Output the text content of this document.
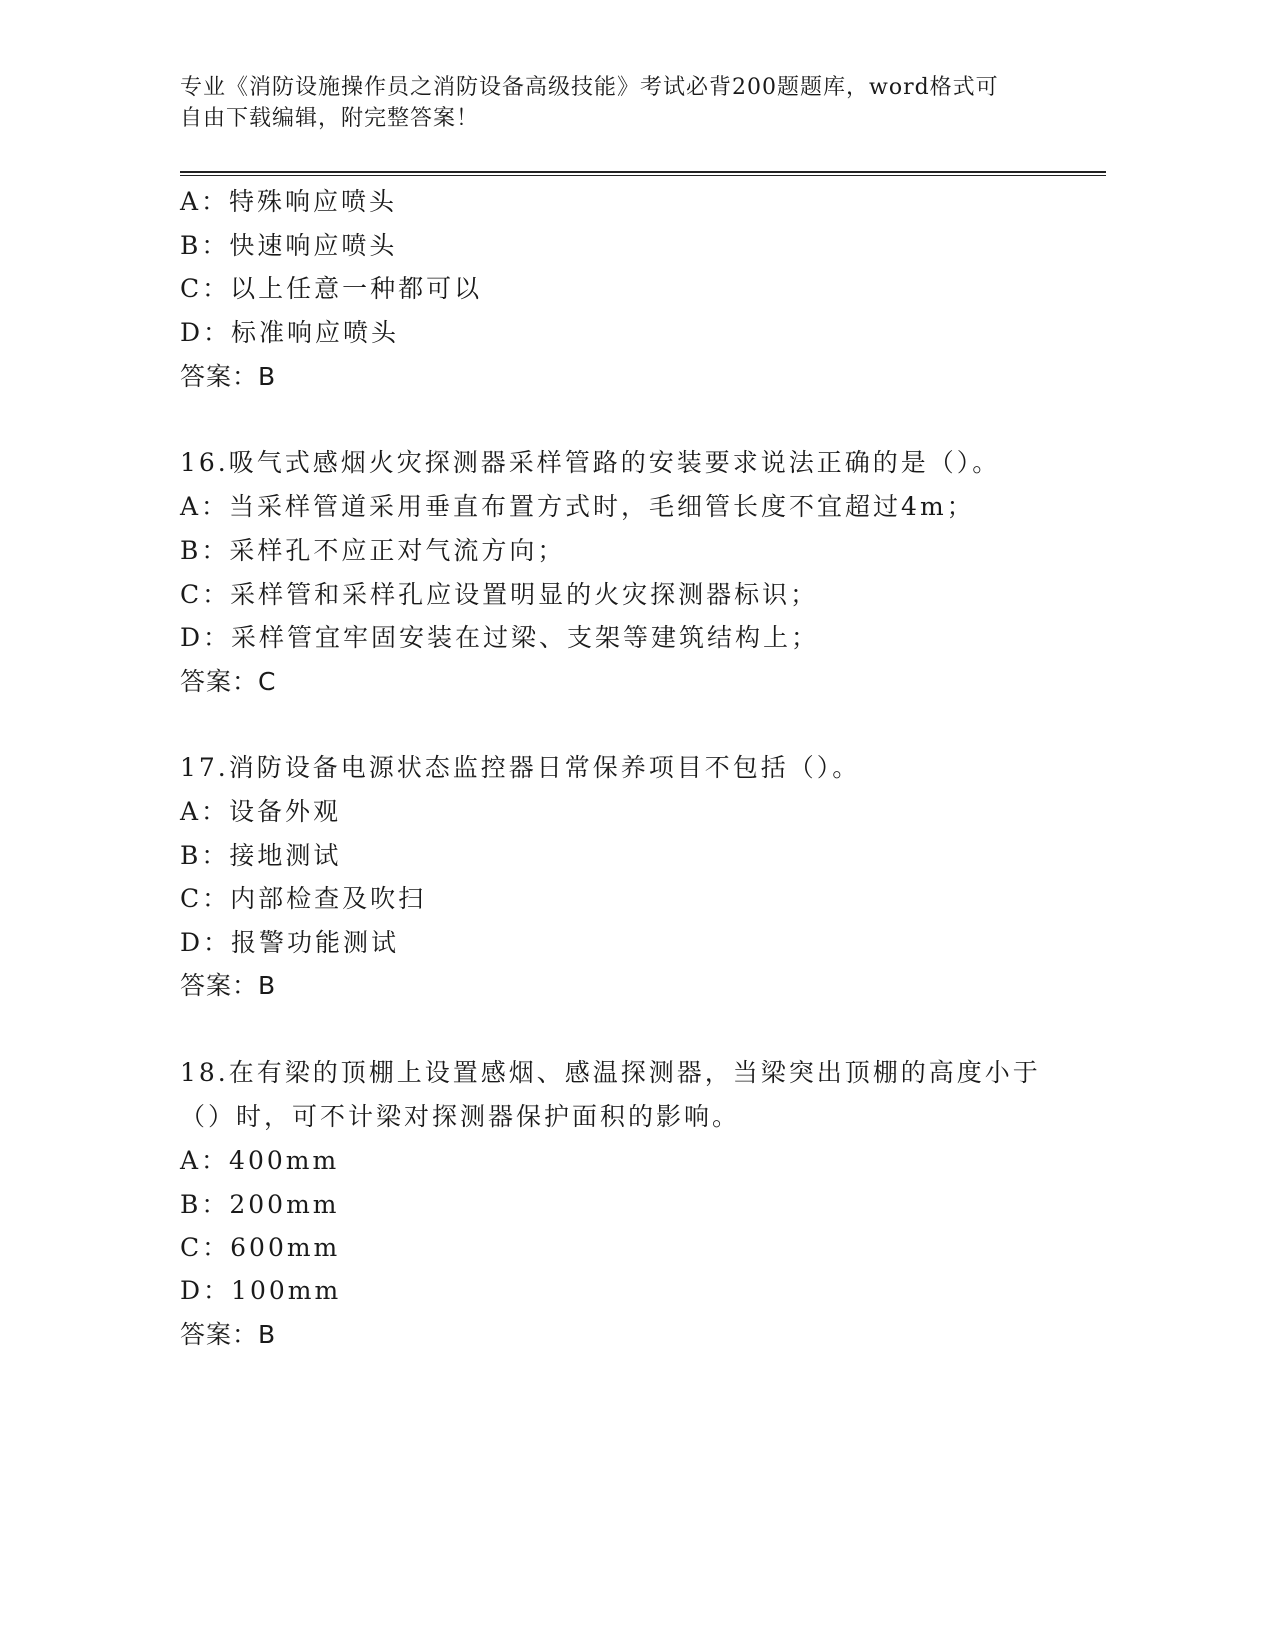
专业《消防设施操作员之消防设备高级技能》考试必背200题题库，word格式可
自由下载编辑，附完整答案！
A：特殊响应喷头
B：快速响应喷头
C：以上任意一种都可以
D：标准响应喷头
答案：B
16.吸气式感烟火灾探测器采样管路的安装要求说法正确的是（）。
A：当采样管道采用垂直布置方式时，毛细管长度不宜超过4m；
B：采样孔不应正对气流方向；
C：采样管和采样孔应设置明显的火灾探测器标识；
D：采样管宜牢固安装在过梁、支架等建筑结构上；
答案：C
17.消防设备电源状态监控器日常保养项目不包括（）。
A：设备外观
B：接地测试
C：内部检查及吹扫
D：报警功能测试
答案：B
18.在有梁的顶棚上设置感烟、感温探测器，当梁突出顶棚的高度小于
（）时，可不计梁对探测器保护面积的影响。
A：400mm
B：200mm
C：600mm
D：100mm
答案：B
